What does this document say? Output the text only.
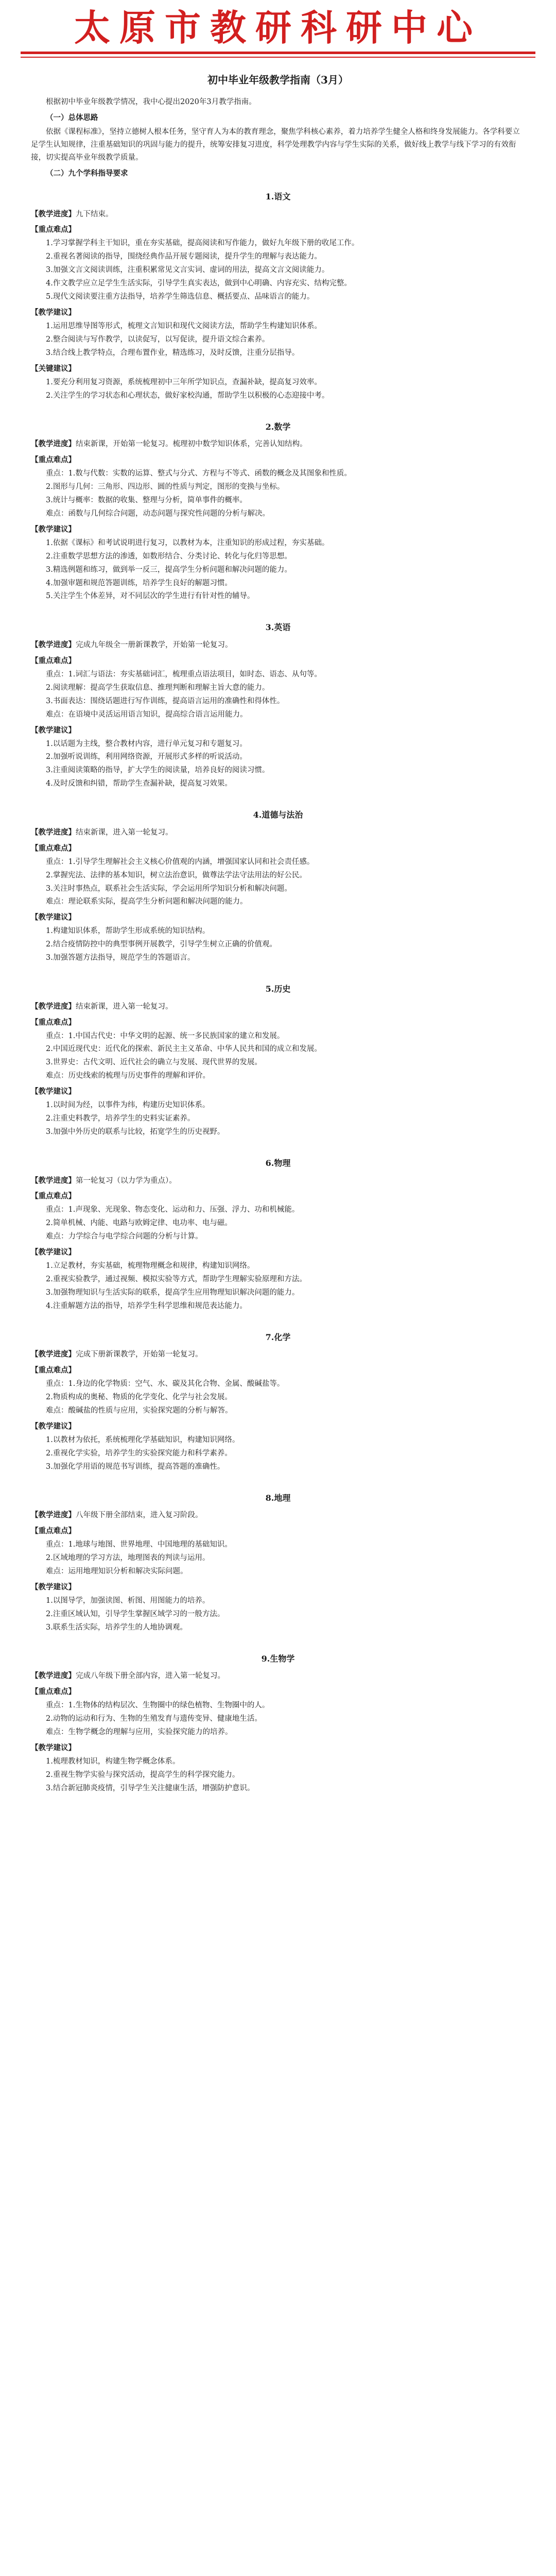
太原市教研科研中心
初中毕业年级教学指南（3月）
根据初中毕业年级教学情况，我中心提出2020年3月教学指南。
（一）总体思路
依据《课程标准》，坚持立德树人根本任务，坚守育人为本的教育理念，聚焦学科核心素养，着力培养学生健全人格和终身发展能力。各学科要立足学生认知规律，注重基础知识的巩固与能力的提升，统筹安排复习进度，科学处理教学内容与学生实际的关系，做好线上教学与线下学习的有效衔接，切实提高毕业年级教学质量。
（二）九个学科指导要求
1.语文
【教学进度】九下结束。
【重点难点】
1.学习掌握学科主干知识，重在夯实基础，提高阅读和写作能力，做好九年级下册的收尾工作。
2.重视名著阅读的指导，围绕经典作品开展专题阅读，提升学生的理解与表达能力。
3.加强文言文阅读训练，注重积累常见文言实词、虚词的用法，提高文言文阅读能力。
4.作文教学应立足学生生活实际，引导学生真实表达，做到中心明确、内容充实、结构完整。
5.现代文阅读要注重方法指导，培养学生筛选信息、概括要点、品味语言的能力。
【教学建议】
1.运用思维导图等形式，梳理文言知识和现代文阅读方法，帮助学生构建知识体系。
2.整合阅读与写作教学，以读促写，以写促读，提升语文综合素养。
3.结合线上教学特点，合理布置作业，精选练习，及时反馈，注重分层指导。
【关键建议】
1.要充分利用复习资源，系统梳理初中三年所学知识点，查漏补缺，提高复习效率。
2.关注学生的学习状态和心理状态，做好家校沟通，帮助学生以积极的心态迎接中考。
2.数学
【教学进度】结束新课，开始第一轮复习。梳理初中数学知识体系，完善认知结构。
【重点难点】
重点：1.数与代数：实数的运算、整式与分式、方程与不等式、函数的概念及其图象和性质。
2.图形与几何：三角形、四边形、圆的性质与判定，图形的变换与坐标。
3.统计与概率：数据的收集、整理与分析，简单事件的概率。
难点：函数与几何综合问题，动态问题与探究性问题的分析与解决。
【教学建议】
1.依据《课标》和考试说明进行复习，以教材为本，注重知识的形成过程，夯实基础。
2.注重数学思想方法的渗透，如数形结合、分类讨论、转化与化归等思想。
3.精选例题和练习，做到举一反三，提高学生分析问题和解决问题的能力。
4.加强审题和规范答题训练，培养学生良好的解题习惯。
5.关注学生个体差异，对不同层次的学生进行有针对性的辅导。
3.英语
【教学进度】完成九年级全一册新课教学，开始第一轮复习。
【重点难点】
重点：1.词汇与语法：夯实基础词汇，梳理重点语法项目，如时态、语态、从句等。
2.阅读理解：提高学生获取信息、推理判断和理解主旨大意的能力。
3.书面表达：围绕话题进行写作训练，提高语言运用的准确性和得体性。
难点：在语境中灵活运用语言知识，提高综合语言运用能力。
【教学建议】
1.以话题为主线，整合教材内容，进行单元复习和专题复习。
2.加强听说训练，利用网络资源，开展形式多样的听说活动。
3.注重阅读策略的指导，扩大学生的阅读量，培养良好的阅读习惯。
4.及时反馈和纠错，帮助学生查漏补缺，提高复习效果。
4.道德与法治
【教学进度】结束新课，进入第一轮复习。
【重点难点】
重点：1.引导学生理解社会主义核心价值观的内涵，增强国家认同和社会责任感。
2.掌握宪法、法律的基本知识，树立法治意识，做尊法学法守法用法的好公民。
3.关注时事热点，联系社会生活实际，学会运用所学知识分析和解决问题。
难点：理论联系实际，提高学生分析问题和解决问题的能力。
【教学建议】
1.构建知识体系，帮助学生形成系统的知识结构。
2.结合疫情防控中的典型事例开展教学，引导学生树立正确的价值观。
3.加强答题方法指导，规范学生的答题语言。
5.历史
【教学进度】结束新课，进入第一轮复习。
【重点难点】
重点：1.中国古代史：中华文明的起源、统一多民族国家的建立和发展。
2.中国近现代史：近代化的探索、新民主主义革命、中华人民共和国的成立和发展。
3.世界史：古代文明、近代社会的确立与发展、现代世界的发展。
难点：历史线索的梳理与历史事件的理解和评价。
【教学建议】
1.以时间为经，以事件为纬，构建历史知识体系。
2.注重史料教学，培养学生的史料实证素养。
3.加强中外历史的联系与比较，拓宽学生的历史视野。
6.物理
【教学进度】第一轮复习（以力学为重点）。
【重点难点】
重点：1.声现象、光现象、物态变化、运动和力、压强、浮力、功和机械能。
2.简单机械、内能、电路与欧姆定律、电功率、电与磁。
难点：力学综合与电学综合问题的分析与计算。
【教学建议】
1.立足教材，夯实基础，梳理物理概念和规律，构建知识网络。
2.重视实验教学，通过视频、模拟实验等方式，帮助学生理解实验原理和方法。
3.加强物理知识与生活实际的联系，提高学生应用物理知识解决问题的能力。
4.注重解题方法的指导，培养学生科学思维和规范表达能力。
7.化学
【教学进度】完成下册新课教学，开始第一轮复习。
【重点难点】
重点：1.身边的化学物质：空气、水、碳及其化合物、金属、酸碱盐等。
2.物质构成的奥秘、物质的化学变化、化学与社会发展。
难点：酸碱盐的性质与应用，实验探究题的分析与解答。
【教学建议】
1.以教材为依托，系统梳理化学基础知识，构建知识网络。
2.重视化学实验，培养学生的实验探究能力和科学素养。
3.加强化学用语的规范书写训练，提高答题的准确性。
8.地理
【教学进度】八年级下册全部结束，进入复习阶段。
【重点难点】
重点：1.地球与地图、世界地理、中国地理的基础知识。
2.区域地理的学习方法，地理图表的判读与运用。
难点：运用地理知识分析和解决实际问题。
【教学建议】
1.以图导学，加强读图、析图、用图能力的培养。
2.注重区域认知，引导学生掌握区域学习的一般方法。
3.联系生活实际，培养学生的人地协调观。
9.生物学
【教学进度】完成八年级下册全部内容，进入第一轮复习。
【重点难点】
重点：1.生物体的结构层次、生物圈中的绿色植物、生物圈中的人。
2.动物的运动和行为、生物的生殖发育与遗传变异、健康地生活。
难点：生物学概念的理解与应用，实验探究能力的培养。
【教学建议】
1.梳理教材知识，构建生物学概念体系。
2.重视生物学实验与探究活动，提高学生的科学探究能力。
3.结合新冠肺炎疫情，引导学生关注健康生活，增强防护意识。
